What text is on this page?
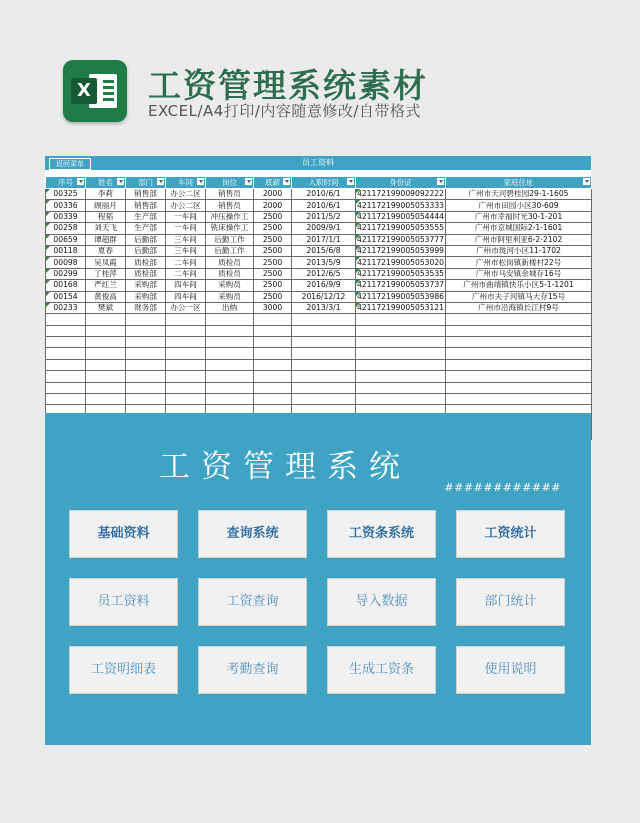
X 工资管理系统素材
EXCEL/A4打印/内容随意修改/自带格式
员工资料
返回菜单
序号	姓名	部门	车间	岗位	底薪	入职时间	身份证	家庭住址

00325	李莉	销售部	办公二区	销售员	2000	2010/6/1	421172199009092222	广州市天河碧桂园29-1-1605
00336	顾丽月	销售部	办公二区	销售员	2000	2010/6/1	421172199005053333	广州市田园小区30-609
00339	程韬	生产部	一车间	冲压操作工	2500	2011/5/2	421172199005054444	广州市幸福时光30-1-201
00258	刘天飞	生产部	一车间	铣床操作工	2500	2009/9/1	421172199005053555	广州市京城国际2-1-1601
00659	谭超群	后勤部	三车间	后勤工作	2500	2017/1/1	421172199005053777	广州市阿里利亚6-2-2102
00118	夏春	后勤部	三车间	后勤工作	2500	2015/6/8	421172199005053999	广州市珑河小区11-1702
00098	吴凤霞	质检部	二车间	质检员	2500	2013/5/9	421172199005053020	广州市松岗镇新楼村22号
00299	丁桂萍	质检部	二车间	质检员	2500	2012/6/5	421172199005053535	广州市马安镇余城存16号
00168	严红兰	采购部	四车间	采购员	2500	2016/9/9	421172199005053737	广州市曲靖镇快乐小区5-1-1201
00154	黄俊高	采购部	四车间	采购员	2500	2016/12/12	421172199005053986	广州市夫子河镇马大存15号
00233	樊斌	财务部	办公一区	出纳	3000	2013/3/1	421172199005053121	广州市沿海镇长江村9号

工资管理系统
############
基础资料	查询系统	工资条系统	工资统计
员工资料	工资查询	导入数据	部门统计
工资明细表	考勤查询	生成工资条	使用说明
